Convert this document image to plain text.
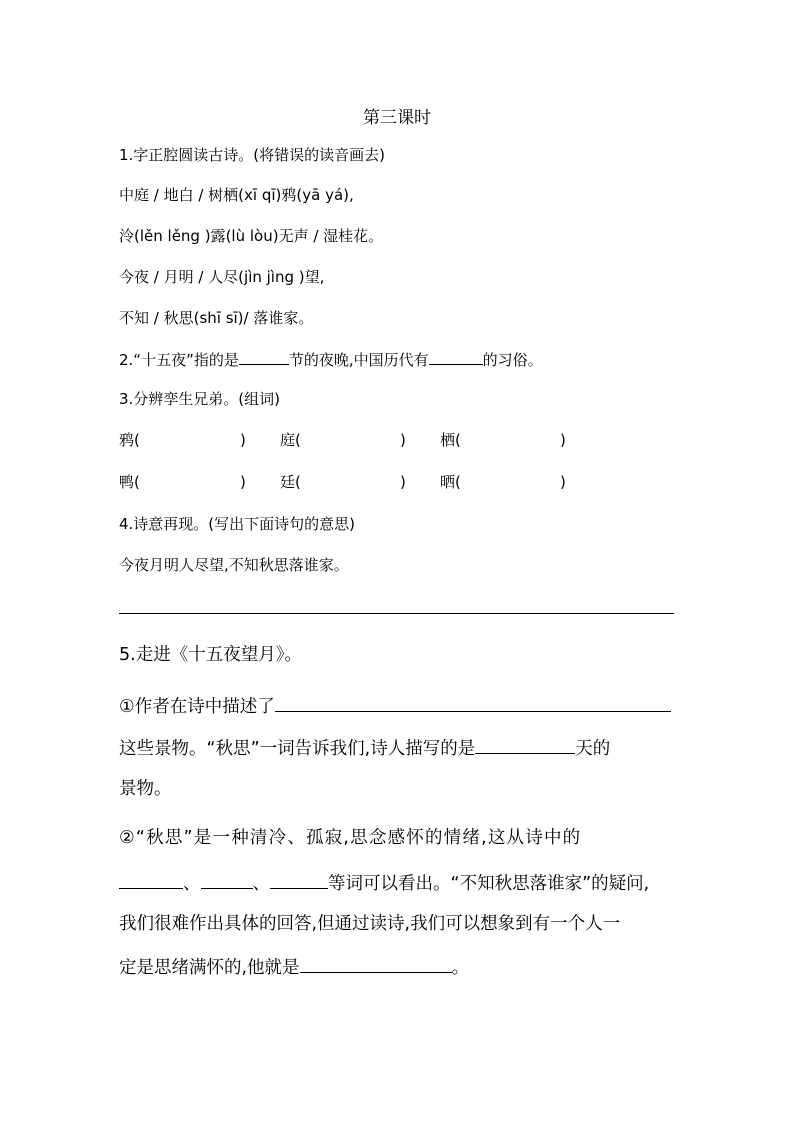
第三课时
1.字正腔圆读古诗。(将错误的读音画去)
中庭 / 地白 / 树栖(xī qī)鸦(yā yá),
泠(lěn lěng )露(lù lòu)无声 / 湿桂花。
今夜 / 月明 / 人尽(jìn jìng )望,
不知 / 秋思(shī sī)/ 落谁家。
2.“十五夜”指的是	节的夜晚,中国历代有	的习俗。
3.分辨孪生兄弟。(组词)
鸦(	) 庭(	) 栖(	)
鸭(	) 廷(	) 晒(	)
4.诗意再现。(写出下面诗句的意思)
今夜月明人尽望,不知秋思落谁家。
5.走进《十五夜望月》。
①作者在诗中描述了
这些景物。“秋思”一词告诉我们,诗人描写的是	天的
景物。
②“秋思”是一种清冷、孤寂,思念感怀的情绪,这从诗中的
、	、	等词可以看出。“不知秋思落谁家”的疑问,
我们很难作出具体的回答,但通过读诗,我们可以想象到有一个人一
定是思绪满怀的,他就是	。
